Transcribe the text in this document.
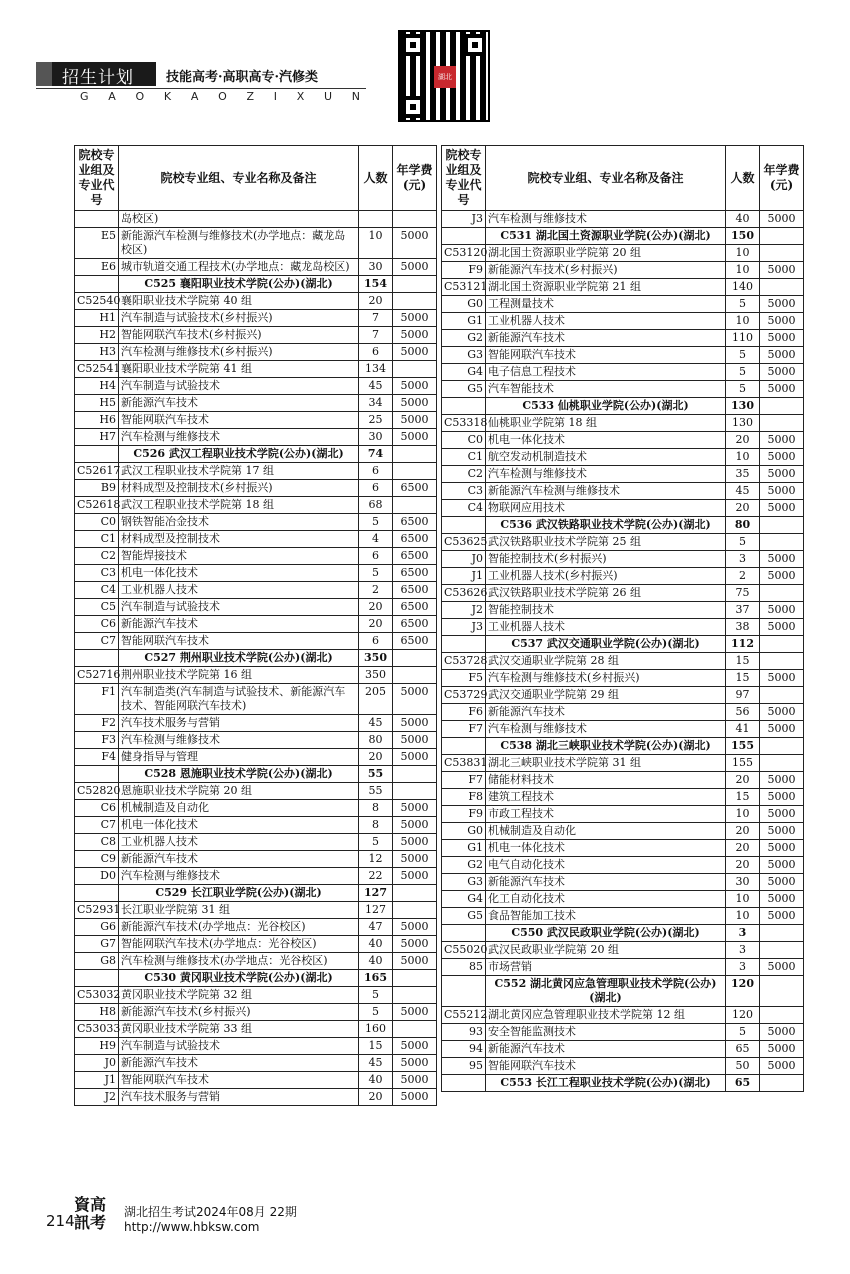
招生计划 技能高考·高职高专·汽修类
G A O K A O Z I X U N
湖北
院校专业组及专业代号	院校专业组、专业名称及备注	人数	年学费(元)
	岛校区)		
E5	新能源汽车检测与维修技术(办学地点：藏龙岛校区)	10	5000
E6	城市轨道交通工程技术(办学地点：藏龙岛校区)	30	5000
	C525 襄阳职业技术学院(公办)(湖北)	154	
C52540	襄阳职业技术学院第 40 组	20	
H1	汽车制造与试验技术(乡村振兴)	7	5000
H2	智能网联汽车技术(乡村振兴)	7	5000
H3	汽车检测与维修技术(乡村振兴)	6	5000
C52541	襄阳职业技术学院第 41 组	134	
H4	汽车制造与试验技术	45	5000
H5	新能源汽车技术	34	5000
H6	智能网联汽车技术	25	5000
H7	汽车检测与维修技术	30	5000
	C526 武汉工程职业技术学院(公办)(湖北)	74	
C52617	武汉工程职业技术学院第 17 组	6	
B9	材料成型及控制技术(乡村振兴)	6	6500
C52618	武汉工程职业技术学院第 18 组	68	
C0	钢铁智能冶金技术	5	6500
C1	材料成型及控制技术	4	6500
C2	智能焊接技术	6	6500
C3	机电一体化技术	5	6500
C4	工业机器人技术	2	6500
C5	汽车制造与试验技术	20	6500
C6	新能源汽车技术	20	6500
C7	智能网联汽车技术	6	6500
	C527 荆州职业技术学院(公办)(湖北)	350	
C52716	荆州职业技术学院第 16 组	350	
F1	汽车制造类(汽车制造与试验技术、新能源汽车技术、智能网联汽车技术)	205	5000
F2	汽车技术服务与营销	45	5000
F3	汽车检测与维修技术	80	5000
F4	健身指导与管理	20	5000
	C528 恩施职业技术学院(公办)(湖北)	55	
C52820	恩施职业技术学院第 20 组	55	
C6	机械制造及自动化	8	5000
C7	机电一体化技术	8	5000
C8	工业机器人技术	5	5000
C9	新能源汽车技术	12	5000
D0	汽车检测与维修技术	22	5000
	C529 长江职业学院(公办)(湖北)	127	
C52931	长江职业学院第 31 组	127	
G6	新能源汽车技术(办学地点：光谷校区)	47	5000
G7	智能网联汽车技术(办学地点：光谷校区)	40	5000
G8	汽车检测与维修技术(办学地点：光谷校区)	40	5000
	C530 黄冈职业技术学院(公办)(湖北)	165	
C53032	黄冈职业技术学院第 32 组	5	
H8	新能源汽车技术(乡村振兴)	5	5000
C53033	黄冈职业技术学院第 33 组	160	
H9	汽车制造与试验技术	15	5000
J0	新能源汽车技术	45	5000
J1	智能网联汽车技术	40	5000
J2	汽车技术服务与营销	20	5000
院校专业组及专业代号	院校专业组、专业名称及备注	人数	年学费(元)
J3	汽车检测与维修技术	40	5000
	C531 湖北国土资源职业学院(公办)(湖北)	150	
C53120	湖北国土资源职业学院第 20 组	10	
F9	新能源汽车技术(乡村振兴)	10	5000
C53121	湖北国土资源职业学院第 21 组	140	
G0	工程测量技术	5	5000
G1	工业机器人技术	10	5000
G2	新能源汽车技术	110	5000
G3	智能网联汽车技术	5	5000
G4	电子信息工程技术	5	5000
G5	汽车智能技术	5	5000
	C533 仙桃职业学院(公办)(湖北)	130	
C53318	仙桃职业学院第 18 组	130	
C0	机电一体化技术	20	5000
C1	航空发动机制造技术	10	5000
C2	汽车检测与维修技术	35	5000
C3	新能源汽车检测与维修技术	45	5000
C4	物联网应用技术	20	5000
	C536 武汉铁路职业技术学院(公办)(湖北)	80	
C53625	武汉铁路职业技术学院第 25 组	5	
J0	智能控制技术(乡村振兴)	3	5000
J1	工业机器人技术(乡村振兴)	2	5000
C53626	武汉铁路职业技术学院第 26 组	75	
J2	智能控制技术	37	5000
J3	工业机器人技术	38	5000
	C537 武汉交通职业学院(公办)(湖北)	112	
C53728	武汉交通职业学院第 28 组	15	
F5	汽车检测与维修技术(乡村振兴)	15	5000
C53729	武汉交通职业学院第 29 组	97	
F6	新能源汽车技术	56	5000
F7	汽车检测与维修技术	41	5000
	C538 湖北三峡职业技术学院(公办)(湖北)	155	
C53831	湖北三峡职业技术学院第 31 组	155	
F7	储能材料技术	20	5000
F8	建筑工程技术	15	5000
F9	市政工程技术	10	5000
G0	机械制造及自动化	20	5000
G1	机电一体化技术	20	5000
G2	电气自动化技术	20	5000
G3	新能源汽车技术	30	5000
G4	化工自动化技术	10	5000
G5	食品智能加工技术	10	5000
	C550 武汉民政职业学院(公办)(湖北)	3	
C55020	武汉民政职业学院第 20 组	3	
85	市场营销	3	5000
	C552 湖北黄冈应急管理职业技术学院(公办)(湖北)	120	
C55212	湖北黄冈应急管理职业技术学院第 12 组	120	
93	安全智能监测技术	5	5000
94	新能源汽车技术	65	5000
95	智能网联汽车技术	50	5000
	C553 长江工程职业技术学院(公办)(湖北)	65	
214
資高訊考
湖北招生考试2024年08月 22期
http://www.hbksw.com
